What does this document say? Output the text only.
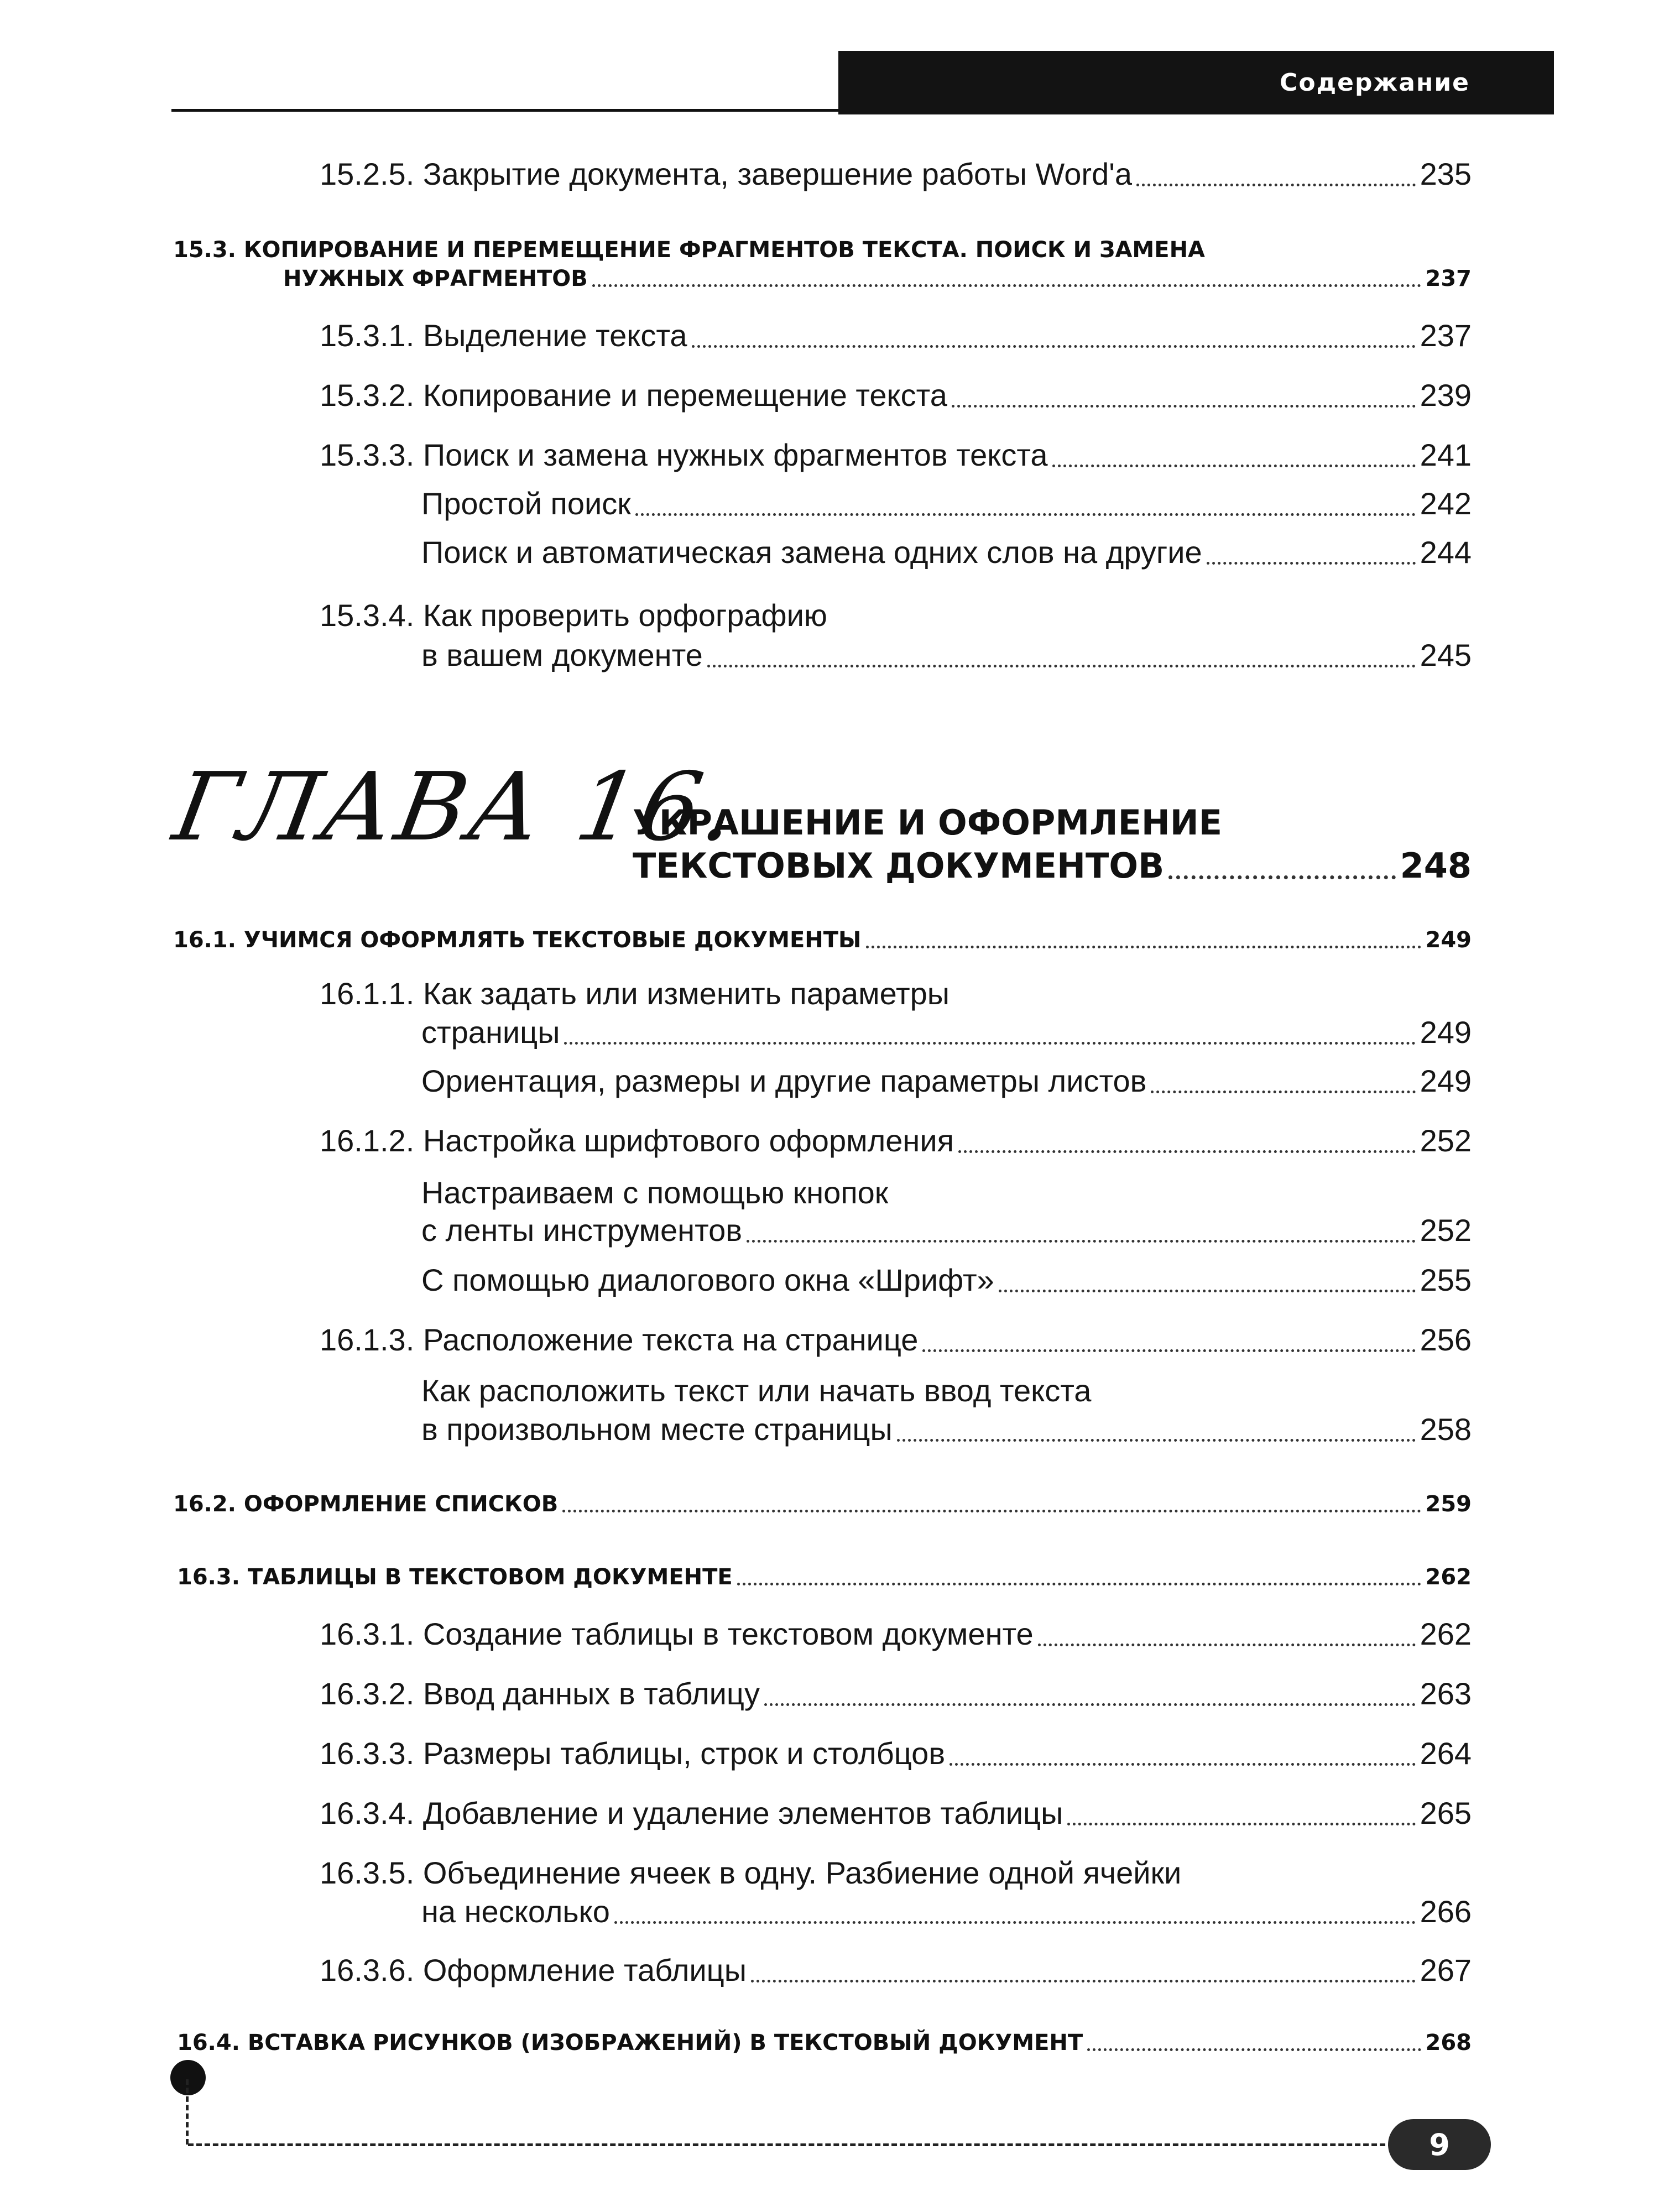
Содержание
15.2.5. Закрытие документа, завершение работы Word'a	235
15.3. КОПИРОВАНИЕ И ПЕРЕМЕЩЕНИЕ ФРАГМЕНТОВ ТЕКСТА. ПОИСК И ЗАМЕНА
НУЖНЫХ ФРАГМЕНТОВ	237
15.3.1. Выделение текста	237
15.3.2. Копирование и перемещение текста	239
15.3.3. Поиск и замена нужных фрагментов текста	241
Простой поиск	242
Поиск и автоматическая замена одних слов на другие	244
15.3.4. Как проверить орфографию
в вашем документе	245
ГЛАВА 16.
УКРАШЕНИЕ И ОФОРМЛЕНИЕ
ТЕКСТОВЫХ ДОКУМЕНТОВ	248
16.1. УЧИМСЯ ОФОРМЛЯТЬ ТЕКСТОВЫЕ ДОКУМЕНТЫ	249
16.1.1. Как задать или изменить параметры
страницы	249
Ориентация, размеры и другие параметры листов	249
16.1.2. Настройка шрифтового оформления	252
Настраиваем с помощью кнопок
с ленты инструментов	252
С помощью диалогового окна «Шрифт»	255
16.1.3. Расположение текста на странице	256
Как расположить текст или начать ввод текста
в произвольном месте страницы	258
16.2. ОФОРМЛЕНИЕ СПИСКОВ	259
16.3. ТАБЛИЦЫ В ТЕКСТОВОМ ДОКУМЕНТЕ	262
16.3.1. Создание таблицы в текстовом документе	262
16.3.2. Ввод данных в таблицу	263
16.3.3. Размеры таблицы, строк и столбцов	264
16.3.4. Добавление и удаление элементов таблицы	265
16.3.5. Объединение ячеек в одну. Разбиение одной ячейки
на несколько	266
16.3.6. Оформление таблицы	267
16.4. ВСТАВКА РИСУНКОВ (ИЗОБРАЖЕНИЙ) В ТЕКСТОВЫЙ ДОКУМЕНТ	268
9
